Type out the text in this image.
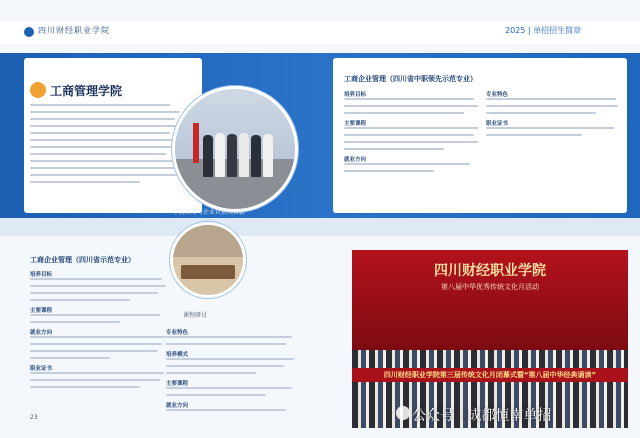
四川财经职业学院	2025 | 单招招生简章
工商管理学院
学院领导与企业负责人合影
工商企业管理（四川省中职领先示范专业）
培养目标
主要课程
就业方向
专业特色
职业证书
工商企业管理（四川省示范专业）
培养目标
主要课程
就业方向
职业证书
课程研讨
专业特色
培养模式
主要课程
就业方向
四川财经职业学院
第八届中华优秀传统文化月活动
四川财经职业学院第三届传统文化月闭幕式暨“第八届中华经典诵读”
公众号 · 成都恒南单招
23
